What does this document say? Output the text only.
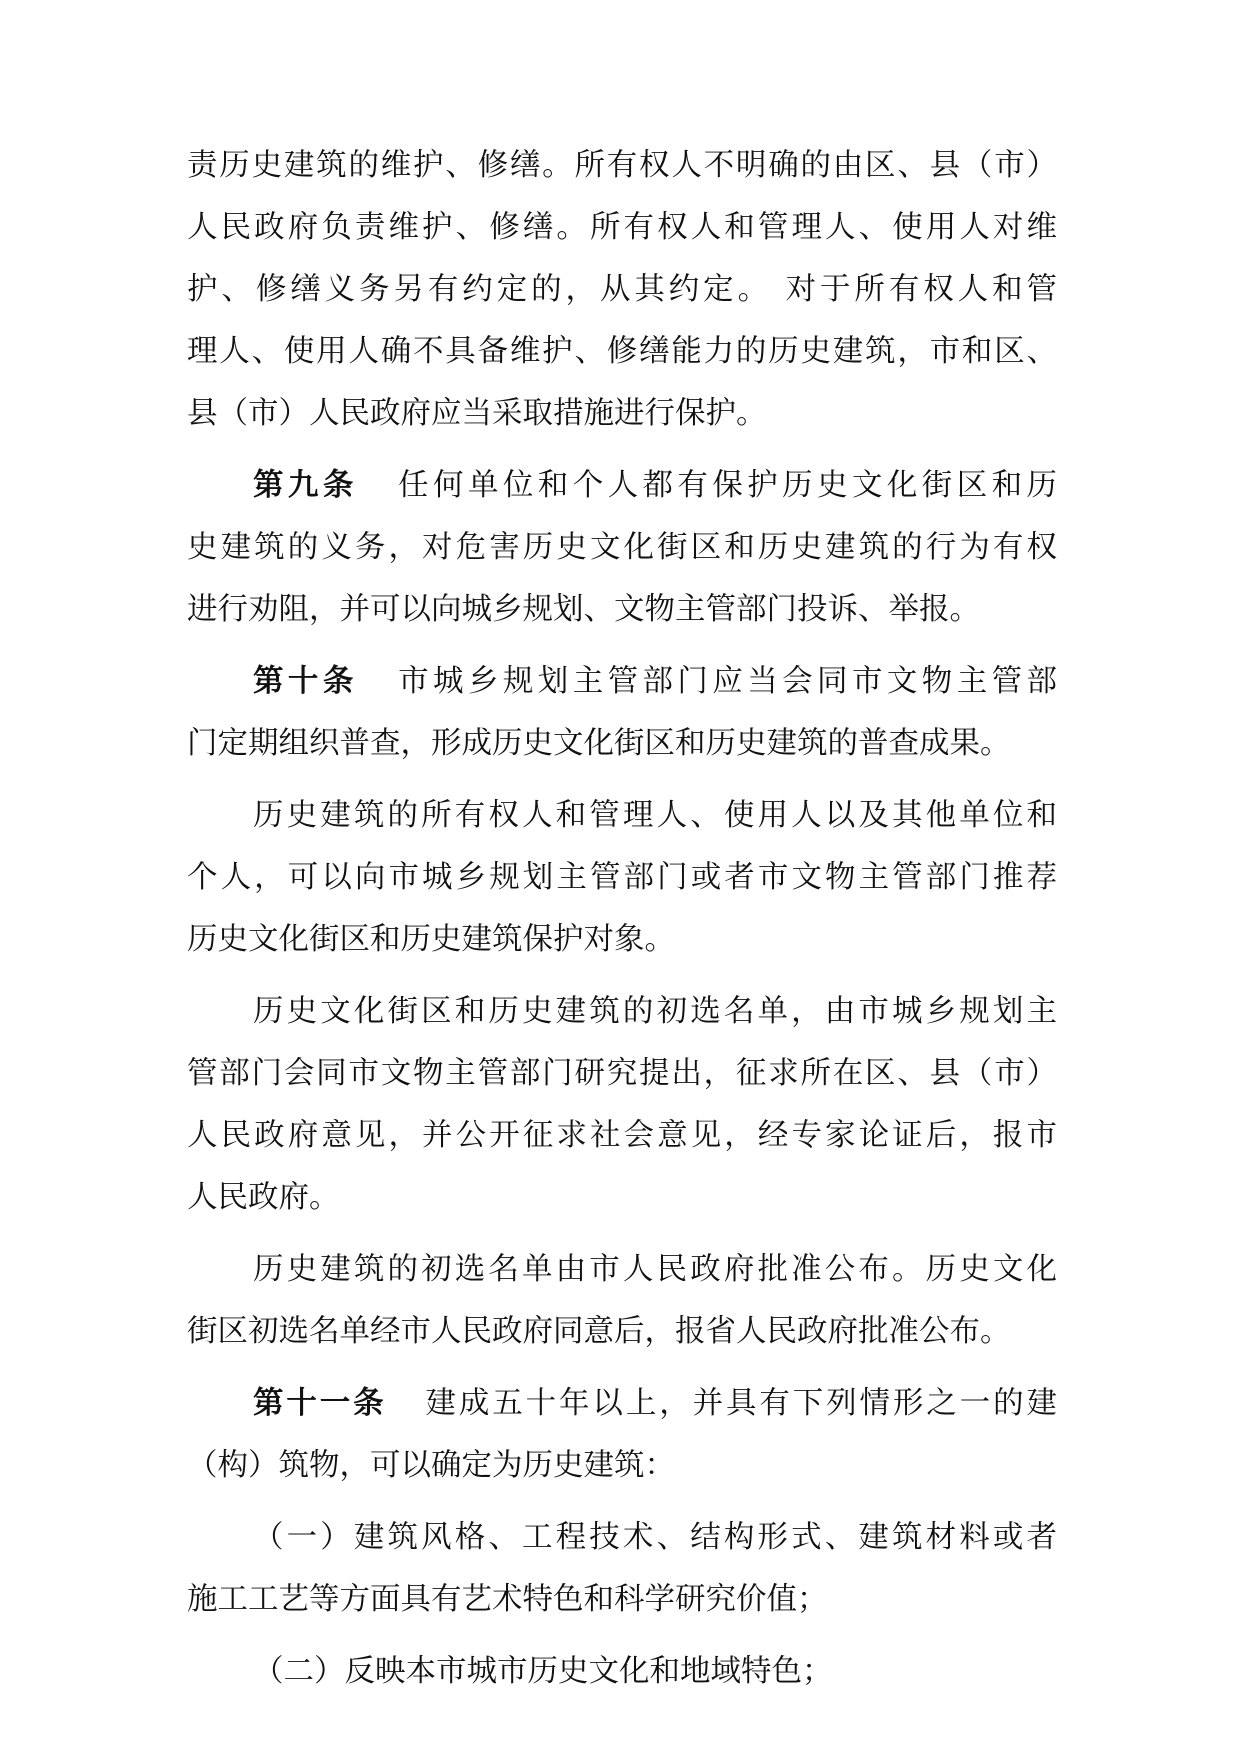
责历史建筑的维护、修缮。所有权人不明确的由区、县（市）
人民政府负责维护、修缮。所有权人和管理人、使用人对维
护、修缮义务另有约定的，从其约定。 对于所有权人和管
理人、使用人确不具备维护、修缮能力的历史建筑，市和区、
县（市）人民政府应当采取措施进行保护。
第九条 任何单位和个人都有保护历史文化街区和历
史建筑的义务，对危害历史文化街区和历史建筑的行为有权
进行劝阻，并可以向城乡规划、文物主管部门投诉、举报。
第十条 市城乡规划主管部门应当会同市文物主管部
门定期组织普查，形成历史文化街区和历史建筑的普查成果。
历史建筑的所有权人和管理人、使用人以及其他单位和
个人，可以向市城乡规划主管部门或者市文物主管部门推荐
历史文化街区和历史建筑保护对象。
历史文化街区和历史建筑的初选名单，由市城乡规划主
管部门会同市文物主管部门研究提出，征求所在区、县（市）
人民政府意见，并公开征求社会意见，经专家论证后，报市
人民政府。
历史建筑的初选名单由市人民政府批准公布。历史文化
街区初选名单经市人民政府同意后，报省人民政府批准公布。
第十一条 建成五十年以上，并具有下列情形之一的建
（构）筑物，可以确定为历史建筑：
（一）建筑风格、工程技术、结构形式、建筑材料或者
施工工艺等方面具有艺术特色和科学研究价值；
（二）反映本市城市历史文化和地域特色；
